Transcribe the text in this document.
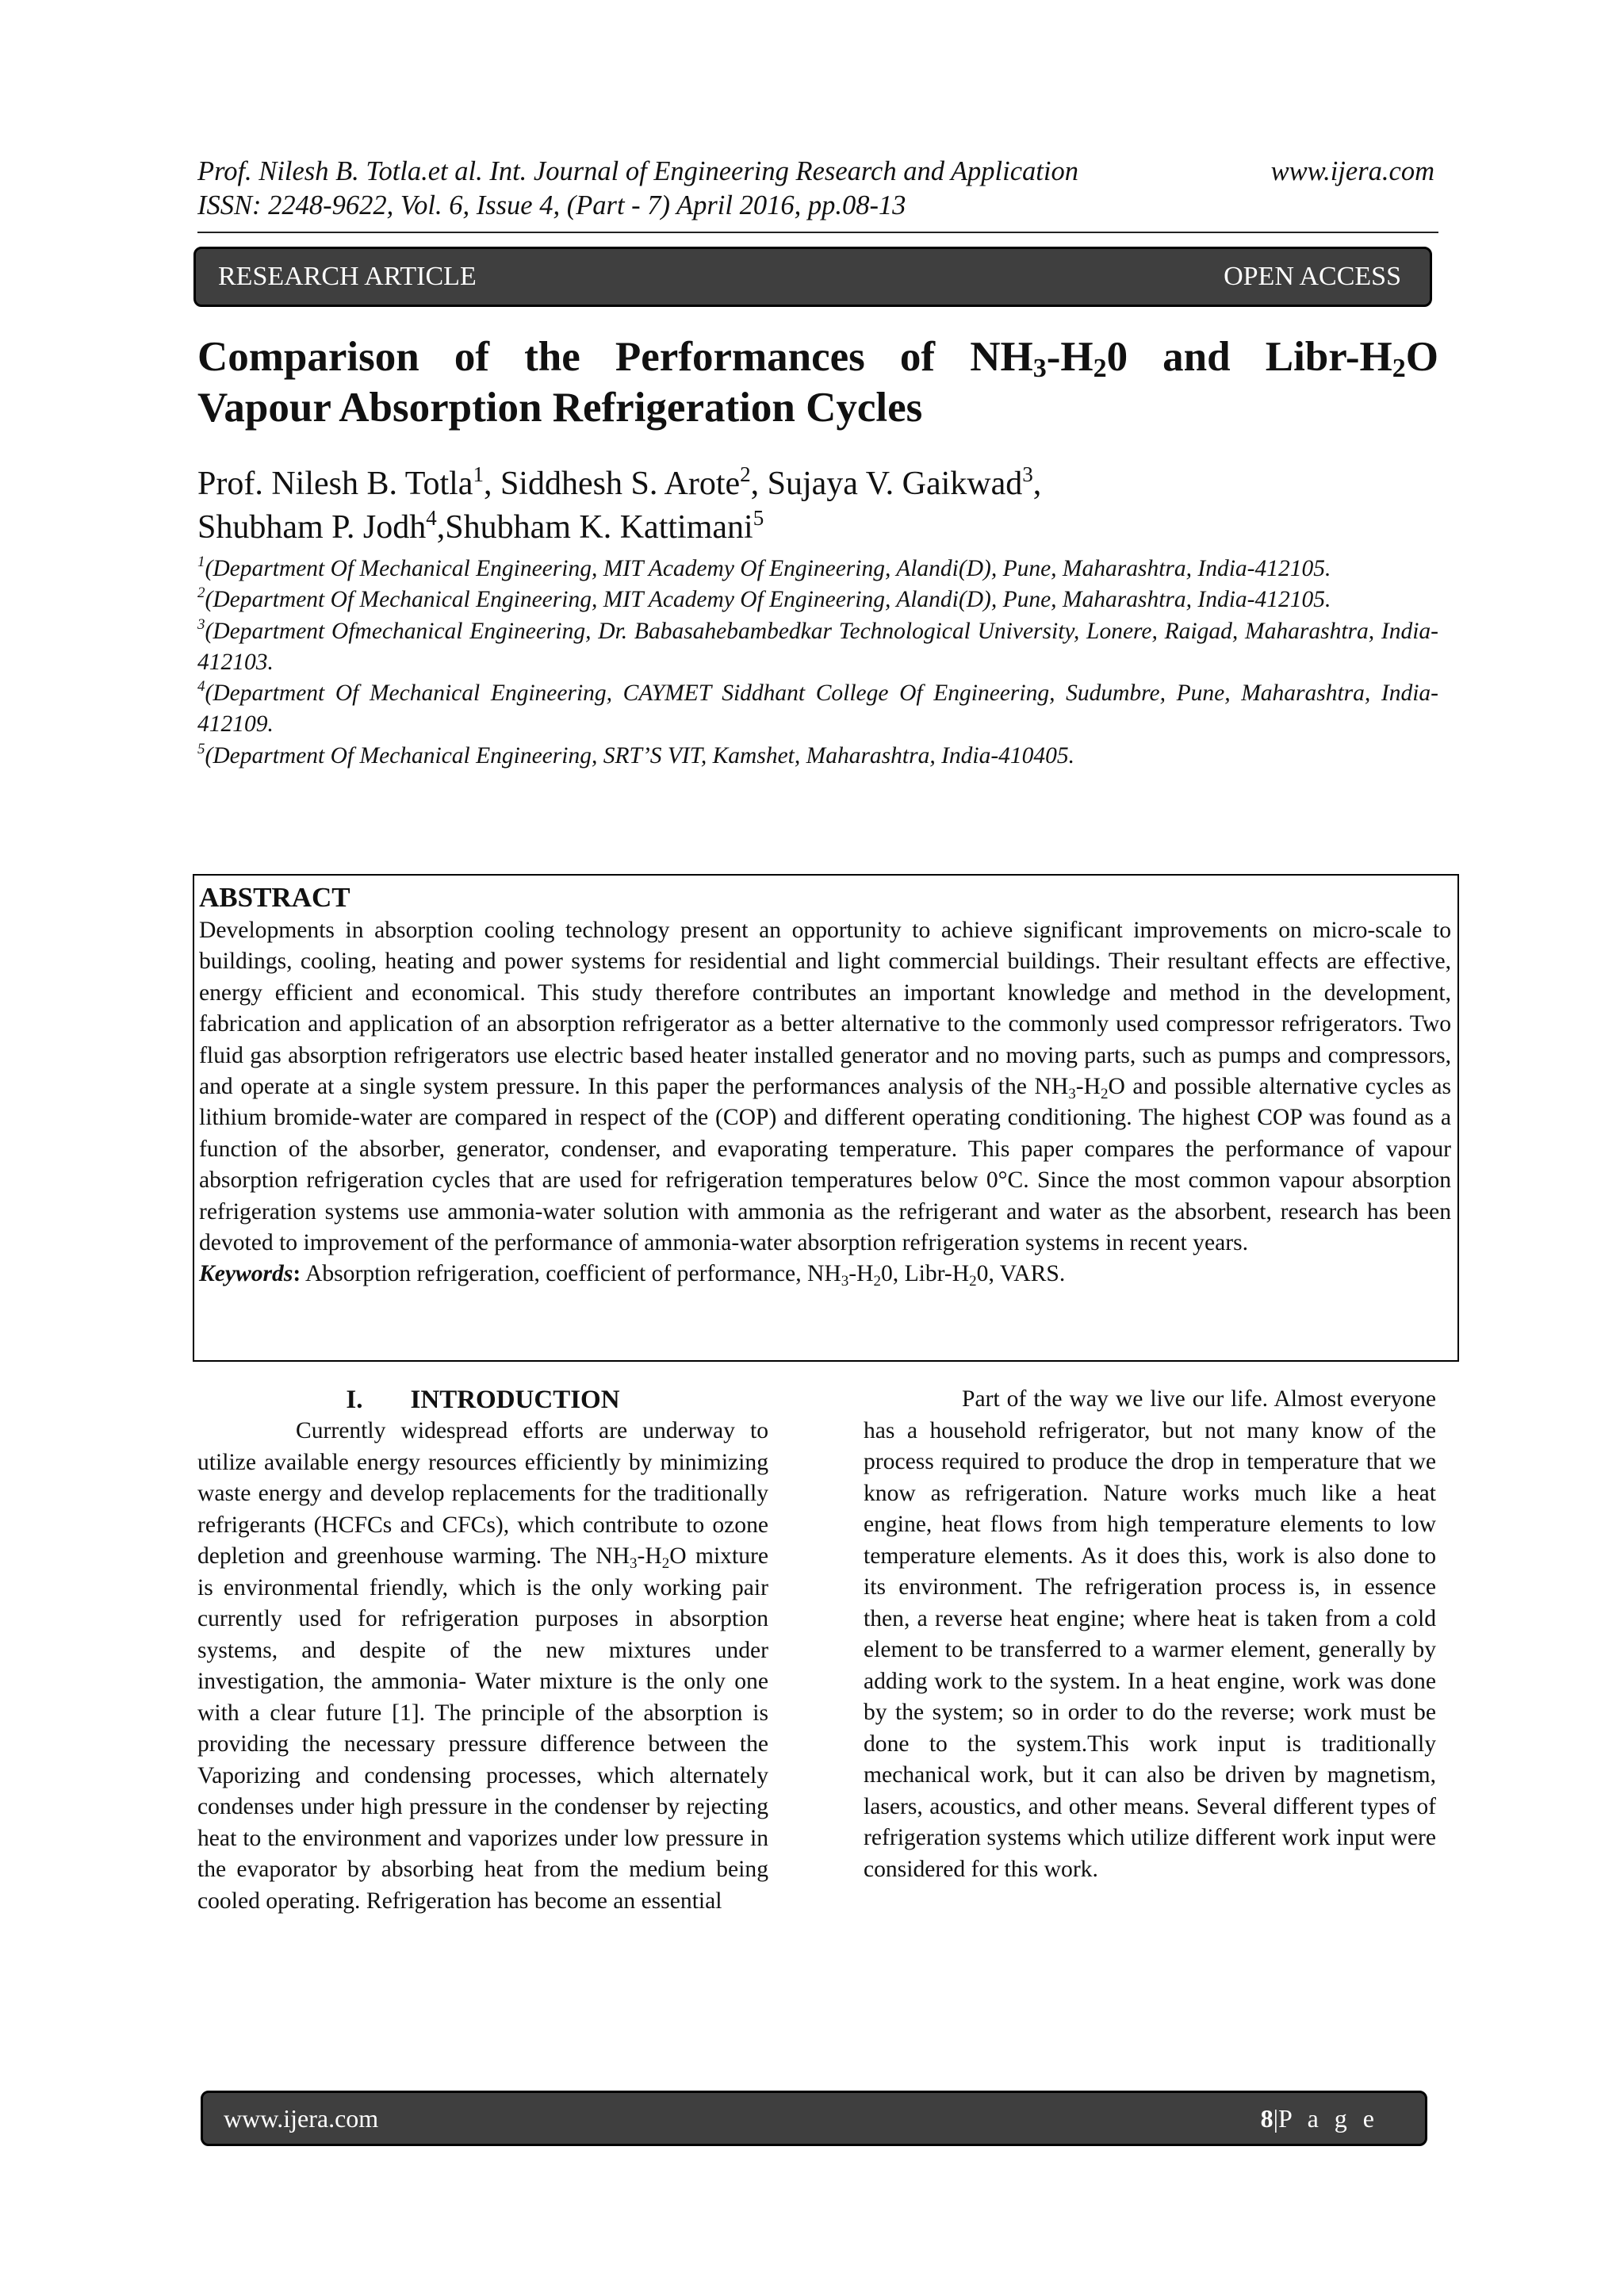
Prof. Nilesh B. Totla.et al. Int. Journal of Engineering Research and Application	www.ijera.com
ISSN: 2248-9622, Vol. 6, Issue 4, (Part - 7) April 2016, pp.08-13
RESEARCH ARTICLE	OPEN ACCESS
Comparison of the Performances of $NH_3-H_20$ and Libr-$H_2O$
Vapour Absorption Refrigeration Cycles
Prof. Nilesh B. Totla$^1$, Siddhesh S. Arote$^2$, Sujaya V. Gaikwad$^3$,
Shubham P. Jodh$^4$,Shubham K. Kattimani$^5$

$^1$(Department Of Mechanical Engineering, MIT Academy Of Engineering, Alandi(D), Pune, Maharashtra, India-412105.

$^2$(Department Of Mechanical Engineering, MIT Academy Of Engineering, Alandi(D), Pune, Maharashtra, India-412105.

$^3$(Department Ofmechanical Engineering, Dr. Babasahebambedkar Technological University, Lonere, Raigad, Maharashtra, India-412103.

$^4$(Department Of Mechanical Engineering, CAYMET Siddhant College Of Engineering, Sudumbre, Pune, Maharashtra, India-412109.

$^5$(Department Of Mechanical Engineering, SRT’S VIT, Kamshet, Maharashtra, India-410405.

ABSTRACT
Developments in absorption cooling technology present an opportunity to achieve significant improvements on micro-scale to buildings, cooling, heating and power systems for residential and light commercial buildings. Their resultant effects are effective, energy efficient and economical. This study therefore contributes an important knowledge and method in the development, fabrication and application of an absorption refrigerator as a better alternative to the commonly used compressor refrigerators. Two fluid gas absorption refrigerators use electric based heater installed generator and no moving parts, such as pumps and compressors, and operate at a single system pressure. In this paper the performances analysis of the $NH_3-H_2O$ and possible alternative cycles as lithium bromide-water are compared in respect of the (COP) and different operating conditioning. The highest COP was found as a function of the absorber, generator, condenser, and evaporating temperature. This paper compares the performance of vapour absorption refrigeration cycles that are used for refrigeration temperatures below 0°C. Since the most common vapour absorption refrigeration systems use ammonia-water solution with ammonia as the refrigerant and water as the absorbent, research has been devoted to improvement of the performance of ammonia-water absorption refrigeration systems in recent years.
Keywords: Absorption refrigeration, coefficient of performance, $NH_3-H_20$, Libr-$H_20$, VARS.
I. INTRODUCTION

Currently widespread efforts are underway to utilize available energy resources efficiently by minimizing waste energy and develop replacements for the traditionally refrigerants (HCFCs and CFCs), which contribute to ozone depletion and greenhouse warming. The $NH_3-H_2O$ mixture is environmental friendly, which is the only working pair currently used for refrigeration purposes in absorption systems, and despite of the new mixtures under investigation, the ammonia- Water mixture is the only one with a clear future [1]. The principle of the absorption is providing the necessary pressure difference between the Vaporizing and condensing processes, which alternately condenses under high pressure in the condenser by rejecting heat to the environment and vaporizes under low pressure in the evaporator by absorbing heat from the medium being cooled operating. Refrigeration has become an essential

Part of the way we live our life. Almost everyone has a household refrigerator, but not many know of the process required to produce the drop in temperature that we know as refrigeration. Nature works much like a heat engine, heat flows from high temperature elements to low temperature elements. As it does this, work is also done to its environment. The refrigeration process is, in essence then, a reverse heat engine; where heat is taken from a cold element to be transferred to a warmer element, generally by adding work to the system. In a heat engine, work was done by the system; so in order to do the reverse; work must be done to the system.This work input is traditionally mechanical work, but it can also be driven by magnetism, lasers, acoustics, and other means. Several different types of refrigeration systems which utilize different work input were considered for this work.

www.ijera.com	8|P a g e
